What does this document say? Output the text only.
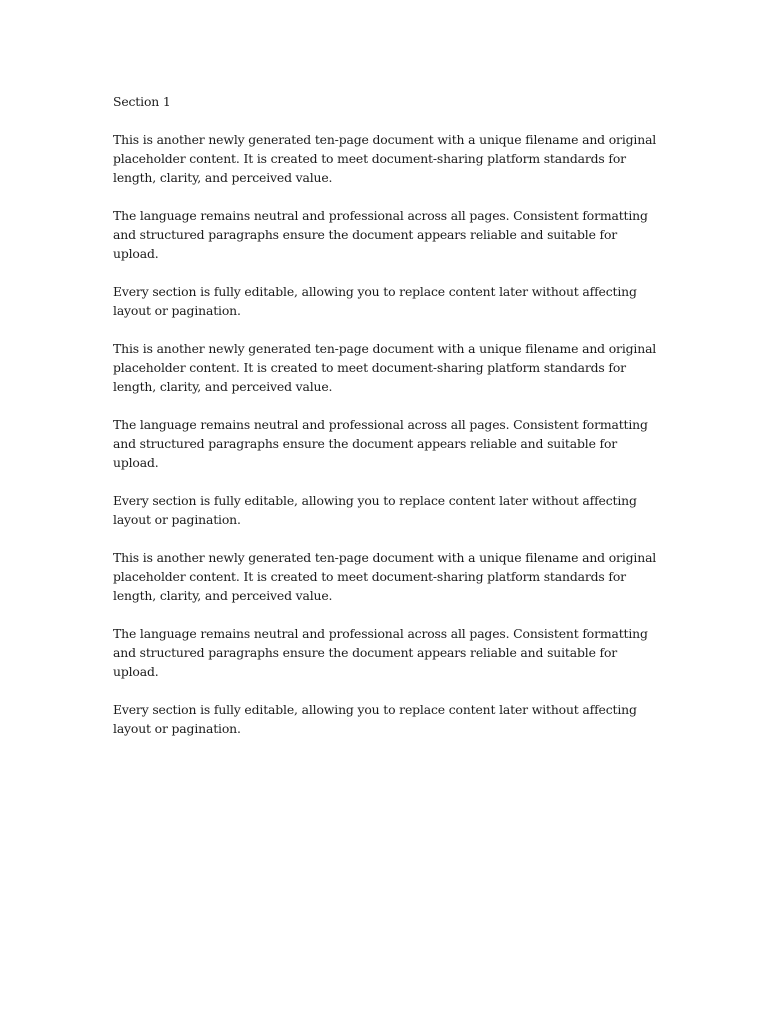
Section 1

This is another newly generated ten-page document with a unique filename and original placeholder content. It is created to meet document-sharing platform standards for length, clarity, and perceived value.

The language remains neutral and professional across all pages. Consistent formatting and structured paragraphs ensure the document appears reliable and suitable for upload.

Every section is fully editable, allowing you to replace content later without affecting layout or pagination.

This is another newly generated ten-page document with a unique filename and original placeholder content. It is created to meet document-sharing platform standards for length, clarity, and perceived value.

The language remains neutral and professional across all pages. Consistent formatting and structured paragraphs ensure the document appears reliable and suitable for upload.

Every section is fully editable, allowing you to replace content later without affecting layout or pagination.

This is another newly generated ten-page document with a unique filename and original placeholder content. It is created to meet document-sharing platform standards for length, clarity, and perceived value.

The language remains neutral and professional across all pages. Consistent formatting and structured paragraphs ensure the document appears reliable and suitable for upload.

Every section is fully editable, allowing you to replace content later without affecting layout or pagination.
